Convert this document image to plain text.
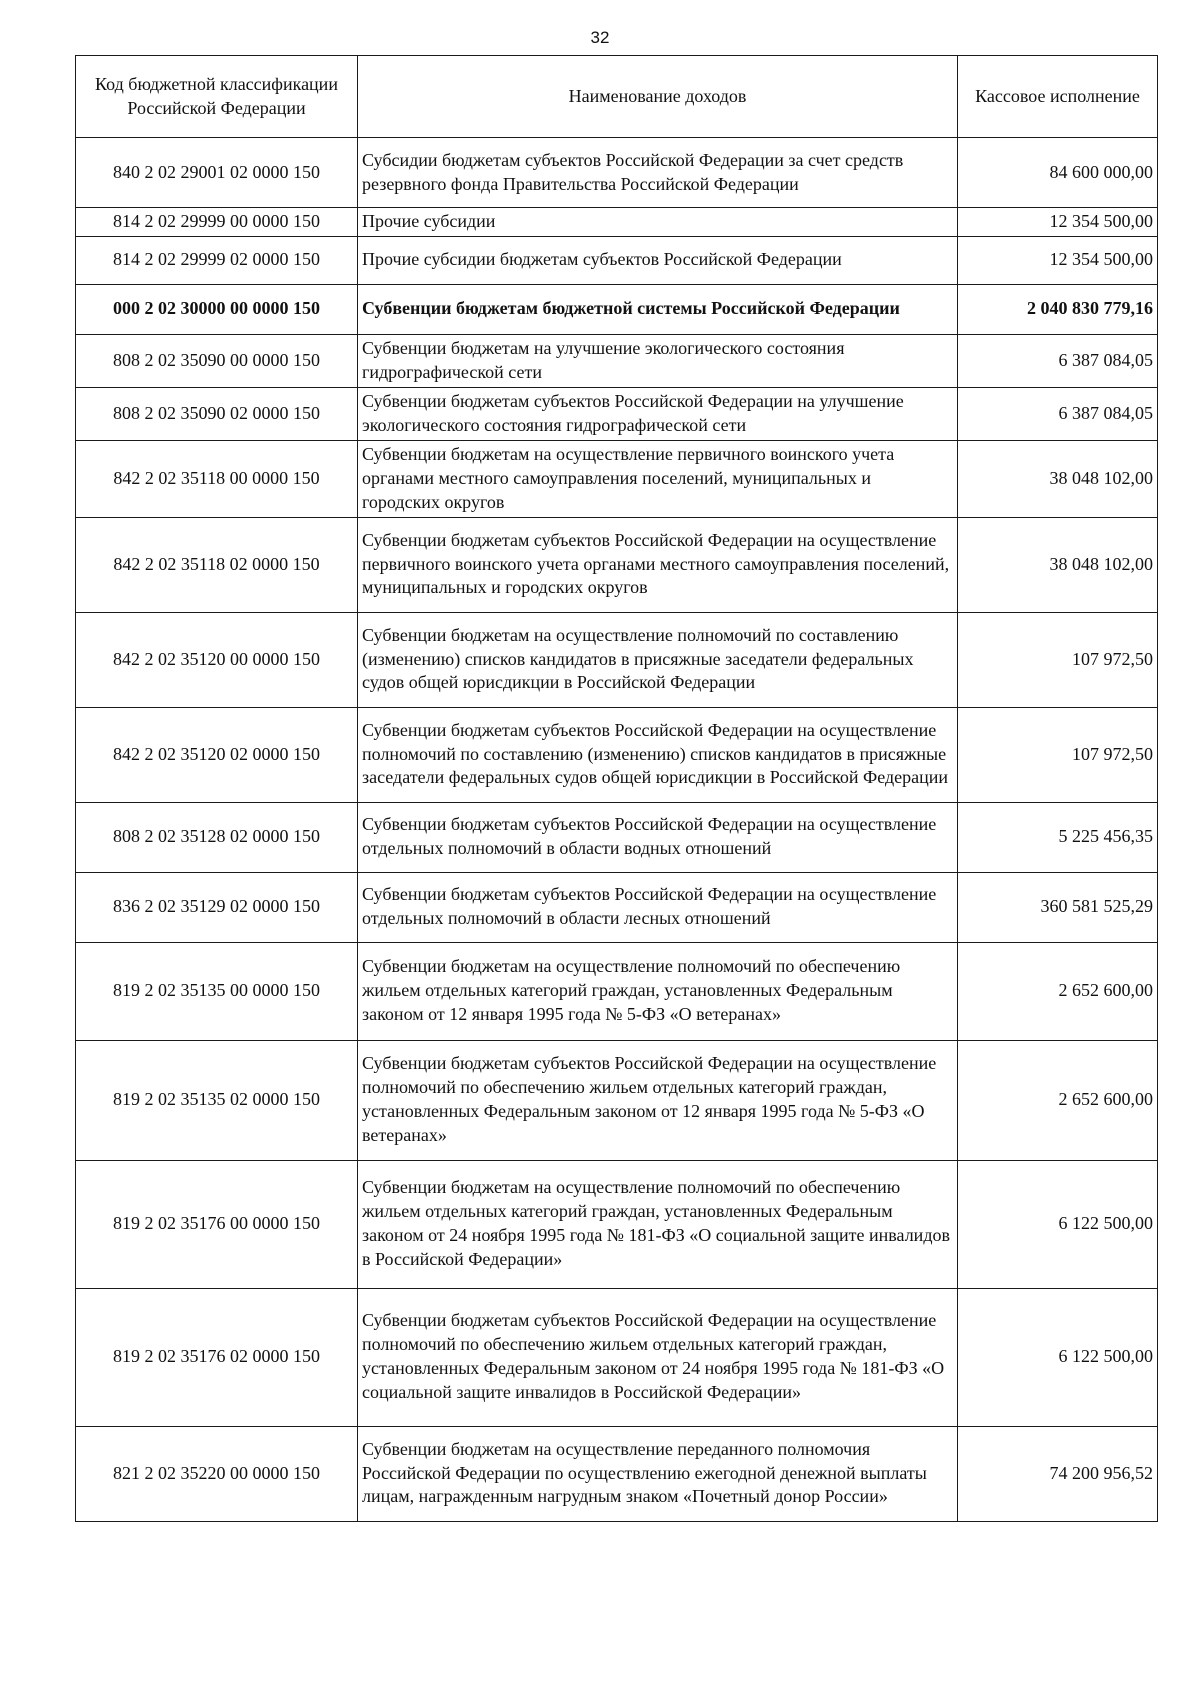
32
Код бюджетной классификации Российской Федерации	Наименование доходов	Кассовое исполнение
840 2 02 29001 02 0000 150	Субсидии бюджетам субъектов Российской Федерации за счет средств резервного фонда Правительства Российской Федерации	84 600 000,00
814 2 02 29999 00 0000 150	Прочие субсидии	12 354 500,00
814 2 02 29999 02 0000 150	Прочие субсидии бюджетам субъектов Российской Федерации	12 354 500,00
000 2 02 30000 00 0000 150	Субвенции бюджетам бюджетной системы Российской Федерации	2 040 830 779,16
808 2 02 35090 00 0000 150	Субвенции бюджетам на улучшение экологического состояния гидрографической сети	6 387 084,05
808 2 02 35090 02 0000 150	Субвенции бюджетам субъектов Российской Федерации на улучшение экологического состояния гидрографической сети	6 387 084,05
842 2 02 35118 00 0000 150	Субвенции бюджетам на осуществление первичного воинского учета органами местного самоуправления поселений, муниципальных и городских округов	38 048 102,00
842 2 02 35118 02 0000 150	Субвенции бюджетам субъектов Российской Федерации на осуществление первичного воинского учета органами местного самоуправления поселений, муниципальных и городских округов	38 048 102,00
842 2 02 35120 00 0000 150	Субвенции бюджетам на осуществление полномочий по составлению (изменению) списков кандидатов в присяжные заседатели федеральных судов общей юрисдикции в Российской Федерации	107 972,50
842 2 02 35120 02 0000 150	Субвенции бюджетам субъектов Российской Федерации на осуществление полномочий по составлению (изменению) списков кандидатов в присяжные заседатели федеральных судов общей юрисдикции в Российской Федерации	107 972,50
808 2 02 35128 02 0000 150	Субвенции бюджетам субъектов Российской Федерации на осуществление отдельных полномочий в области водных отношений	5 225 456,35
836 2 02 35129 02 0000 150	Субвенции бюджетам субъектов Российской Федерации на осуществление отдельных полномочий в области лесных отношений	360 581 525,29
819 2 02 35135 00 0000 150	Субвенции бюджетам на осуществление полномочий по обеспечению жильем отдельных категорий граждан, установленных Федеральным законом от 12 января 1995 года № 5-ФЗ «О ветеранах»	2 652 600,00
819 2 02 35135 02 0000 150	Субвенции бюджетам субъектов Российской Федерации на осуществление полномочий по обеспечению жильем отдельных категорий граждан, установленных Федеральным законом от 12 января 1995 года № 5-ФЗ «О ветеранах»	2 652 600,00
819 2 02 35176 00 0000 150	Субвенции бюджетам на осуществление полномочий по обеспечению жильем отдельных категорий граждан, установленных Федеральным законом от 24 ноября 1995 года № 181-ФЗ «О социальной защите инвалидов в Российской Федерации»	6 122 500,00
819 2 02 35176 02 0000 150	Субвенции бюджетам субъектов Российской Федерации на осуществление полномочий по обеспечению жильем отдельных категорий граждан, установленных Федеральным законом от 24 ноября 1995 года № 181-ФЗ «О социальной защите инвалидов в Российской Федерации»	6 122 500,00
821 2 02 35220 00 0000 150	Субвенции бюджетам на осуществление переданного полномочия Российской Федерации по осуществлению ежегодной денежной выплаты лицам, награжденным нагрудным знаком «Почетный донор России»	74 200 956,52
